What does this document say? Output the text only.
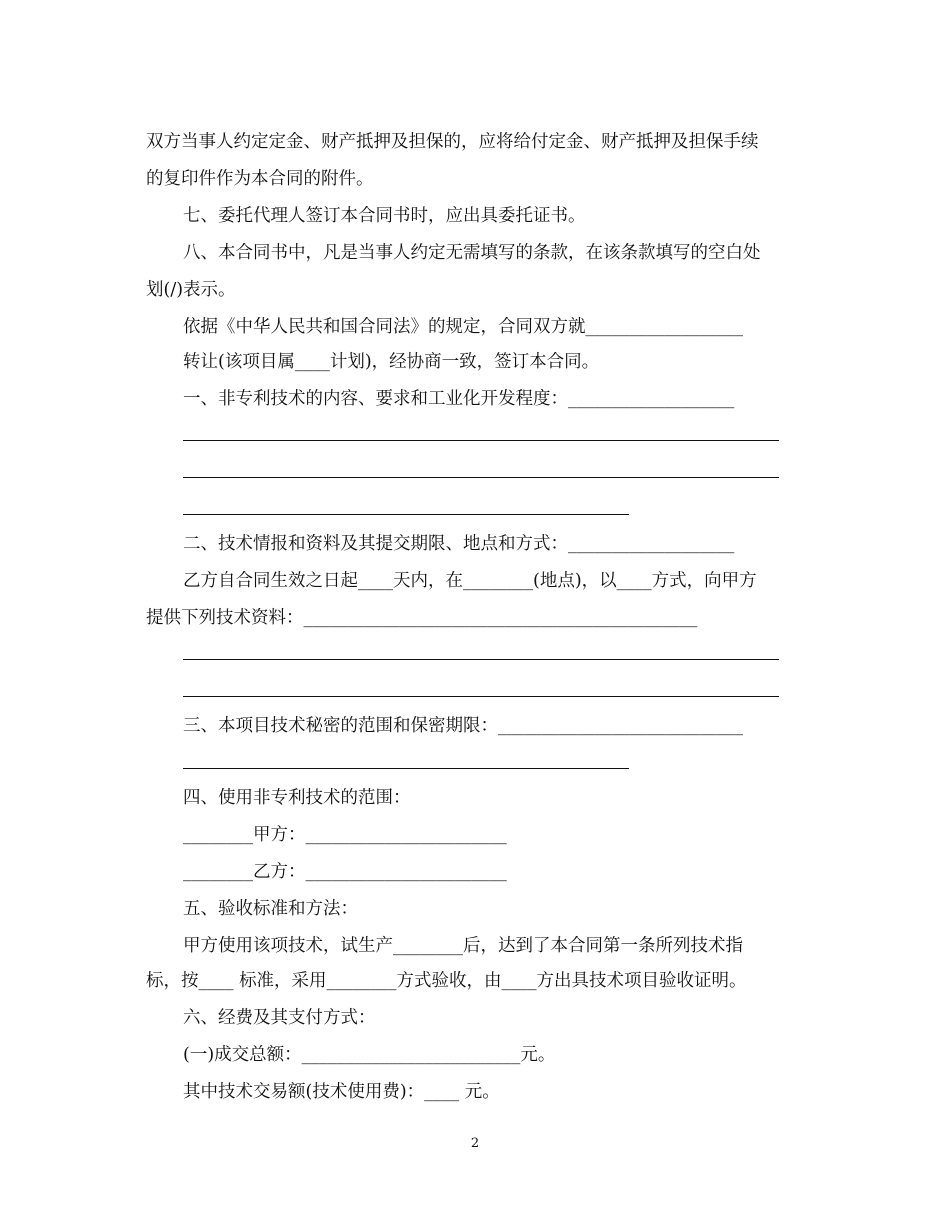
双方当事人约定定金、财产抵押及担保的，应将给付定金、财产抵押及担保手续
的复印件作为本合同的附件。
七、委托代理人签订本合同书时，应出具委托证书。
八、本合同书中，凡是当事人约定无需填写的条款，在该条款填写的空白处
划(/)表示。
依据《中华人民共和国合同法》的规定，合同双方就__________________
转让(该项目属____计划)，经协商一致，签订本合同。
一、非专利技术的内容、要求和工业化开发程度：___________________
二、技术情报和资料及其提交期限、地点和方式：___________________
乙方自合同生效之日起____天内，在________(地点)，以____方式，向甲方
提供下列技术资料：_____________________________________________
三、本项目技术秘密的范围和保密期限：____________________________
四、使用非专利技术的范围：
________甲方：_______________________
________乙方：_______________________
五、验收标准和方法：
甲方使用该项技术，试生产________后，达到了本合同第一条所列技术指
标，按____ 标准，采用________方式验收，由____方出具技术项目验收证明。
六、经费及其支付方式：
(一)成交总额：_________________________元。
其中技术交易额(技术使用费)：____ 元。
2
